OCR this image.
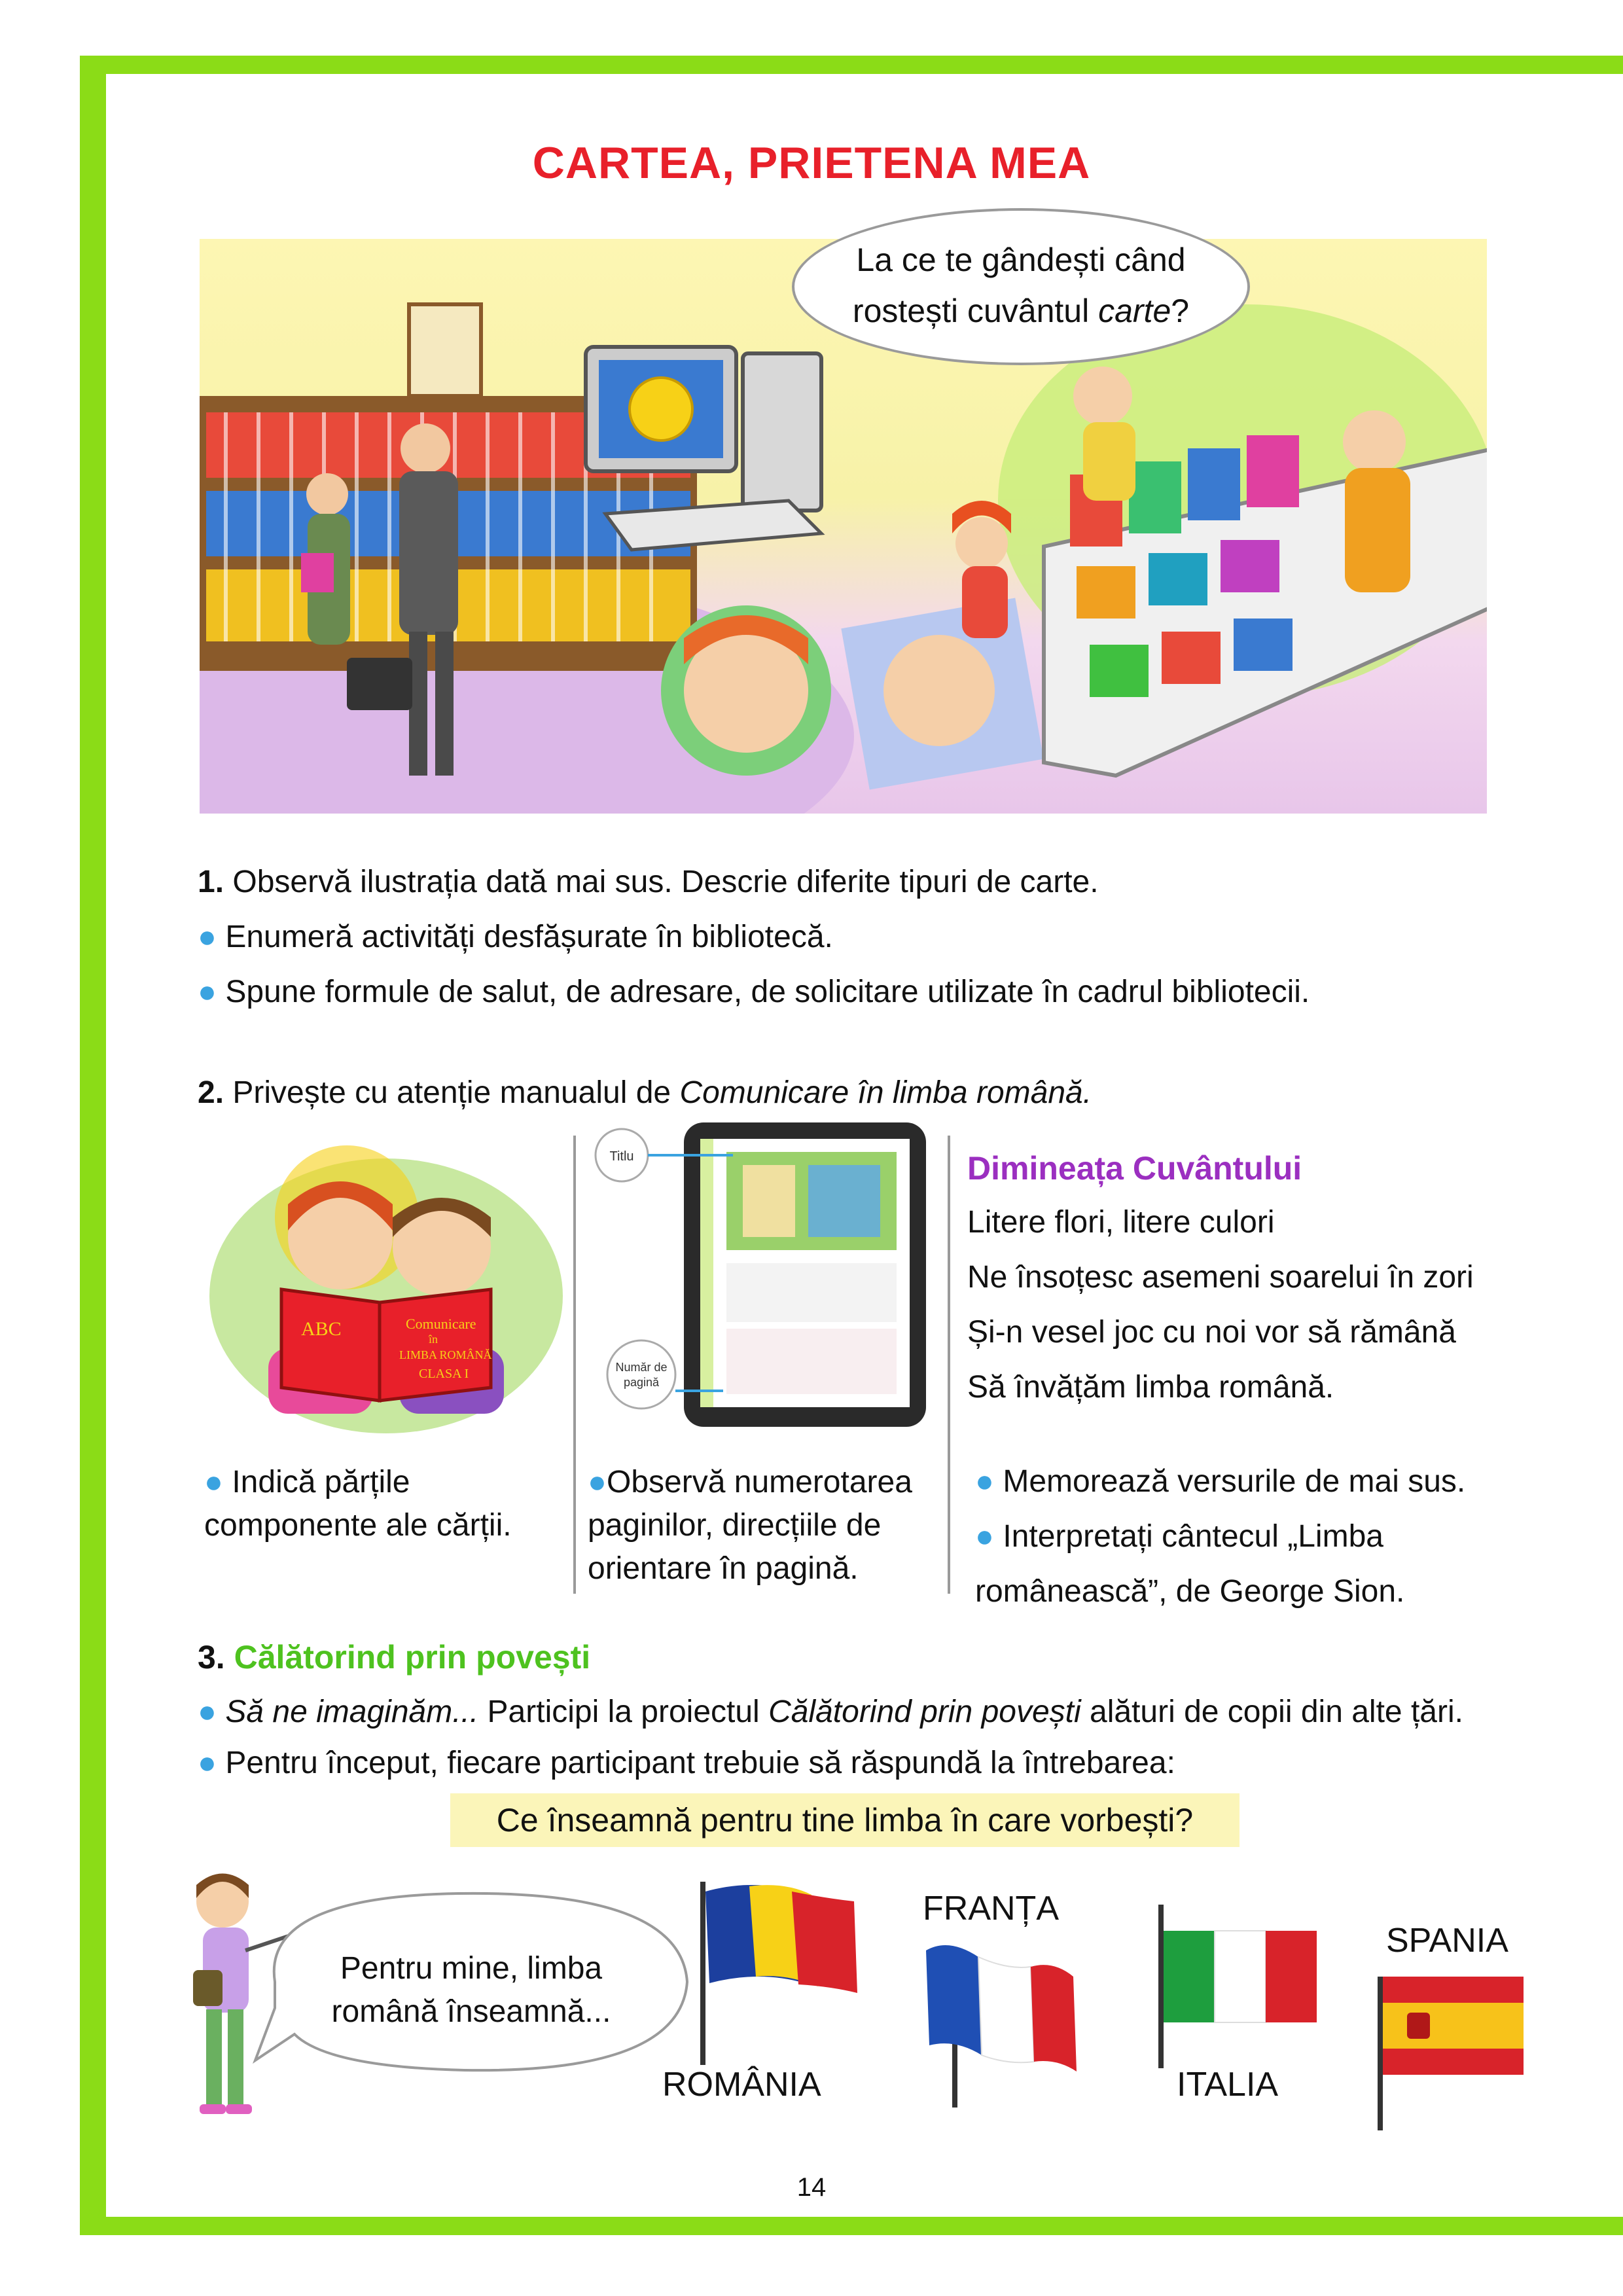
CARTEA, PRIETENA MEA
La ce te gândești când
rostești cuvântul carte?
1. Observă ilustrația dată mai sus. Descrie diferite tipuri de carte.
● Enumeră activități desfășurate în bibliotecă.
● Spune formule de salut, de adresare, de solicitare utilizate în cadrul bibliotecii.
2. Privește cu atenție manualul de Comunicare în limba română.
ABC	Comunicare
în
LIMBA ROMÂNĂ
CLASA I
Titlu
Număr de
pagină
Dimineața Cuvântului
Litere flori, litere culori
Ne însoțesc asemeni soarelui în zori
Și-n vesel joc cu noi vor să rămână
Să învățăm limba română.
● Indică părțile
componente ale cărții.
●Observă numerotarea
paginilor, direcțiile de
orientare în pagină.
● Memorează versurile de mai sus.
● Interpretați cântecul „Limba
românească”, de George Sion.
3. Călătorind prin povești
● Să ne imaginăm... Participi la proiectul Călătorind prin povești alături de copii din alte țări.
● Pentru început, fiecare participant trebuie să răspundă la întrebarea:
Ce înseamnă pentru tine limba în care vorbești?
Pentru mine, limba
română înseamnă...
ROMÂNIA
FRANȚA
ITALIA
SPANIA
14
